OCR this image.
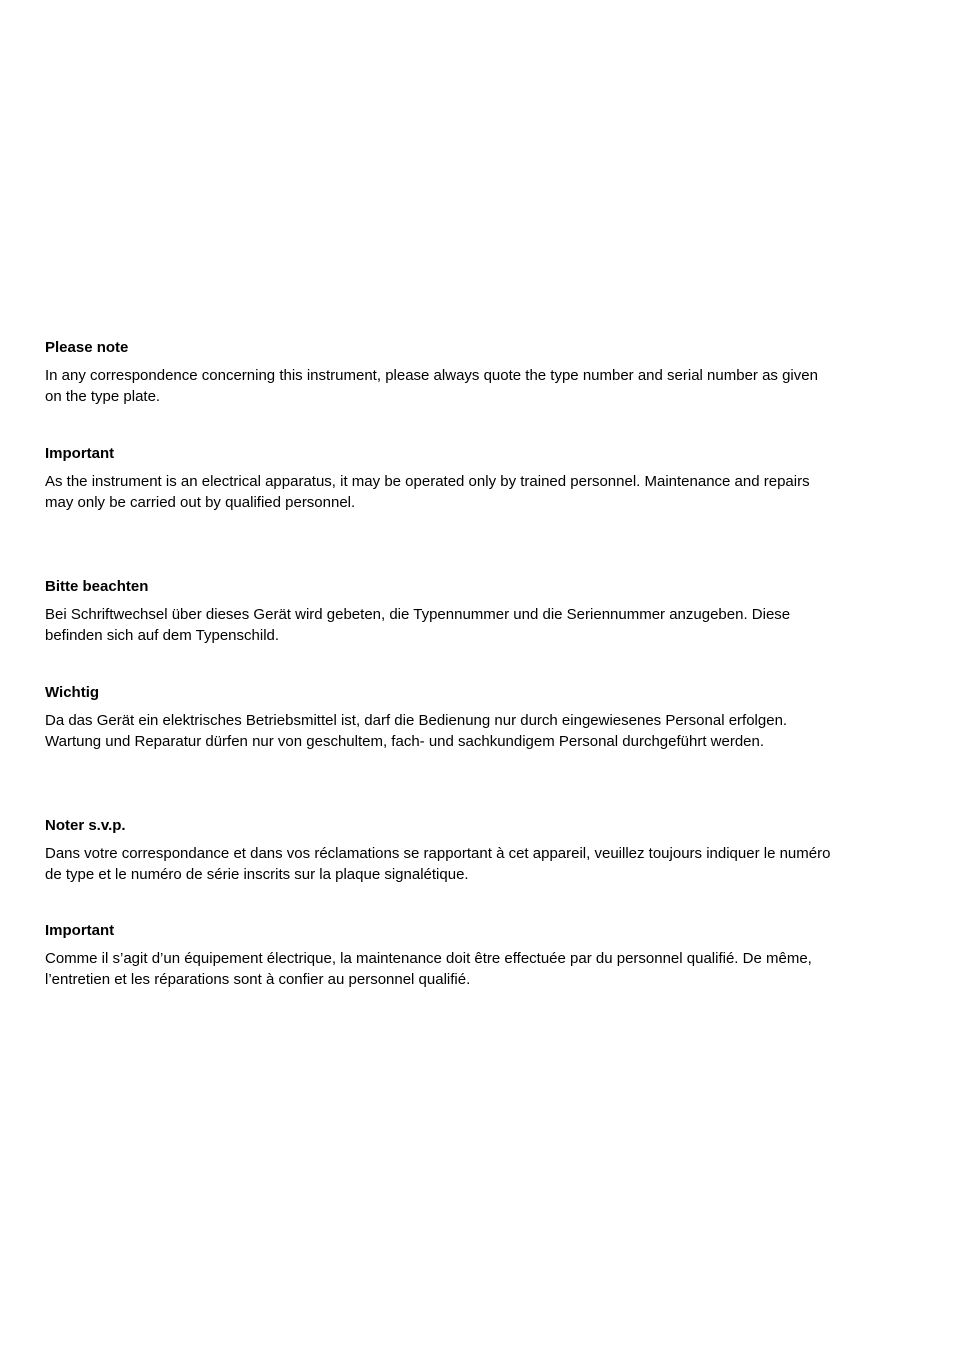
Please note

In any correspondence concerning this instrument, please always quote the type number and serial number as given on the type plate.

Important

As the instrument is an electrical apparatus, it may be operated only by trained personnel. Maintenance and repairs may only be carried out by qualified personnel.

Bitte beachten

Bei Schriftwechsel über dieses Gerät wird gebeten, die Typennummer und die Seriennummer anzugeben. Diese befinden sich auf dem Typenschild.

Wichtig

Da das Gerät ein elektrisches Betriebsmittel ist, darf die Bedienung nur durch eingewiesenes Personal erfolgen. Wartung und Reparatur dürfen nur von geschultem, fach- und sachkundigem Personal durchgeführt werden.

Noter s.v.p.

Dans votre correspondance et dans vos réclamations se rapportant à cet appareil, veuillez toujours indiquer le numéro de type et le numéro de série inscrits sur la plaque signalétique.

Important

Comme il s’agit d’un équipement électrique, la maintenance doit être effectuée par du personnel qualifié. De même, l’entretien et les réparations sont à confier au personnel qualifié.
